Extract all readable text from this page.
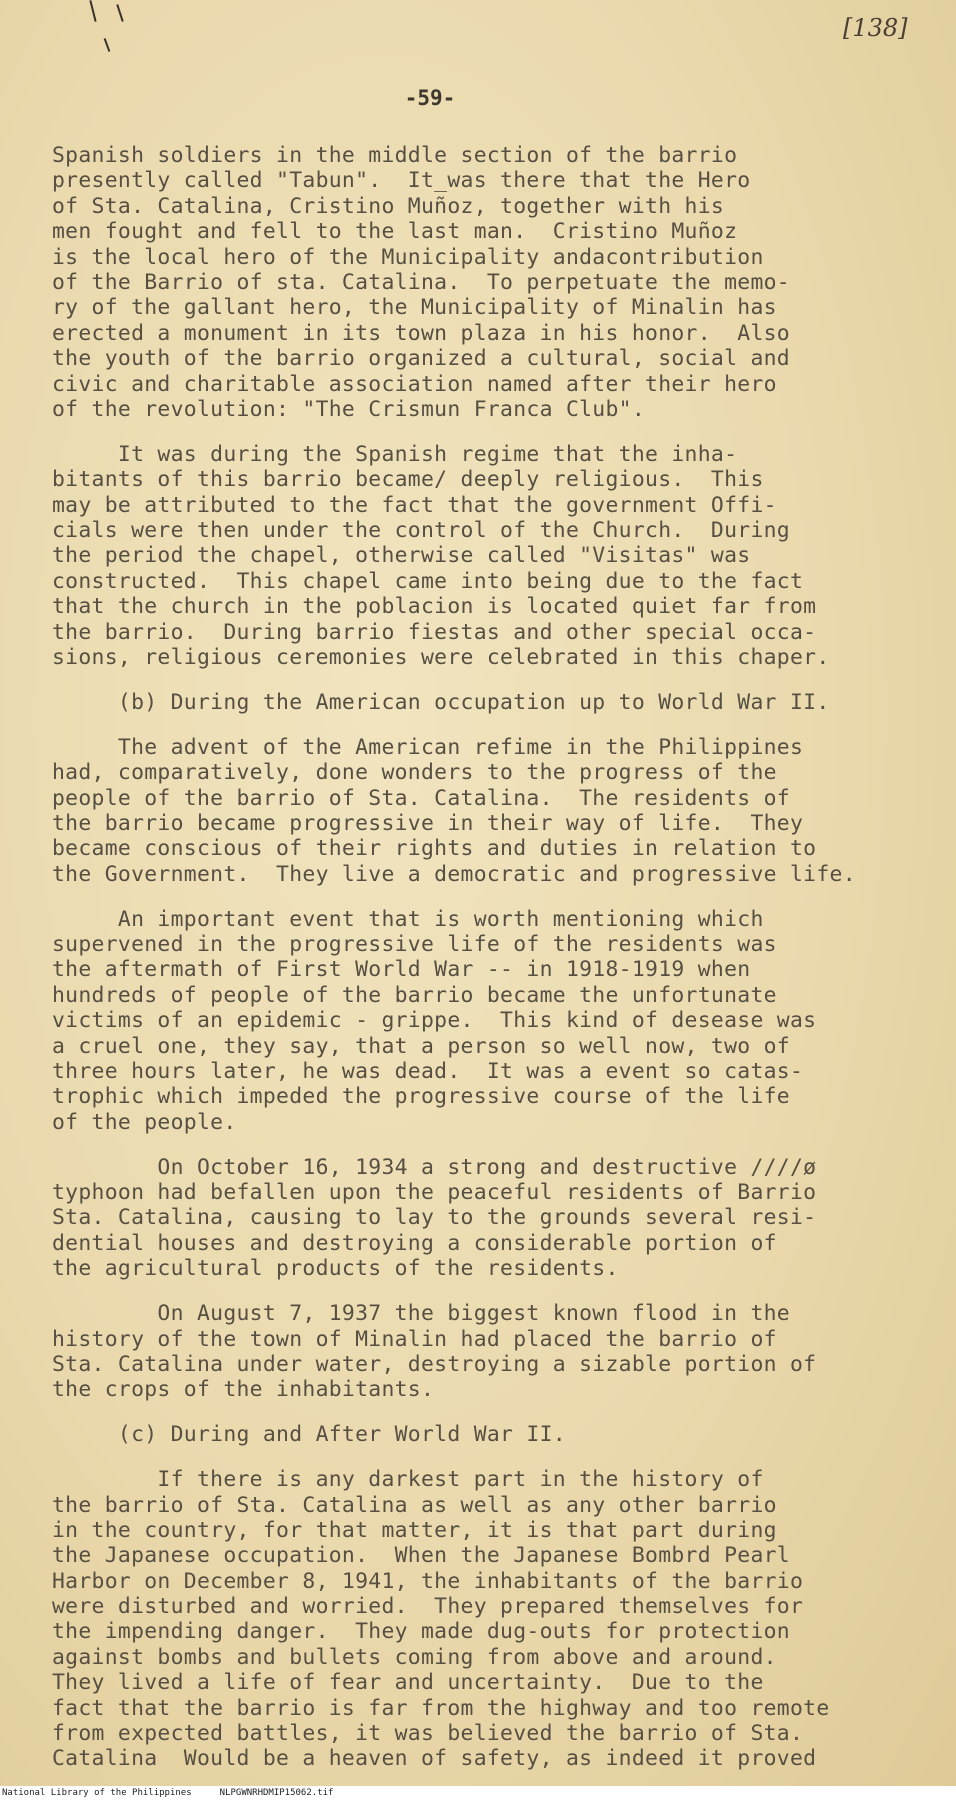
[138]
-59-
Spanish soldiers in the middle section of the barrio
presently called "Tabun".  It_was there that the Hero
of Sta. Catalina, Cristino Muñoz, together with his
men fought and fell to the last man.  Cristino Muñoz
is the local hero of the Municipality andacontribution
of the Barrio of sta. Catalina.  To perpetuate the memo-
ry of the gallant hero, the Municipality of Minalin has
erected a monument in its town plaza in his honor.  Also
the youth of the barrio organized a cultural, social and
civic and charitable association named after their hero
of the revolution: "The Crismun Franca Club".
It was during the Spanish regime that the inha-
bitants of this barrio became/ deeply religious.  This
may be attributed to the fact that the government Offi-
cials were then under the control of the Church.  During
the period the chapel, otherwise called "Visitas" was
constructed.  This chapel came into being due to the fact
that the church in the poblacion is located quiet far from
the barrio.  During barrio fiestas and other special occa-
sions, religious ceremonies were celebrated in this chaper.
(b) During the American occupation up to World War II.
The advent of the American refime in the Philippines
had, comparatively, done wonders to the progress of the
people of the barrio of Sta. Catalina.  The residents of
the barrio became progressive in their way of life.  They
became conscious of their rights and duties in relation to
the Government.  They live a democratic and progressive life.
An important event that is worth mentioning which
supervened in the progressive life of the residents was
the aftermath of First World War -- in 1918-1919 when
hundreds of people of the barrio became the unfortunate
victims of an epidemic - grippe.  This kind of desease was
a cruel one, they say, that a person so well now, two of
three hours later, he was dead.  It was a event so catas-
trophic which impeded the progressive course of the life
of the people.
On October 16, 1934 a strong and destructive ////ø
typhoon had befallen upon the peaceful residents of Barrio
Sta. Catalina, causing to lay to the grounds several resi-
dential houses and destroying a considerable portion of
the agricultural products of the residents.
On August 7, 1937 the biggest known flood in the
history of the town of Minalin had placed the barrio of
Sta. Catalina under water, destroying a sizable portion of
the crops of the inhabitants.
(c) During and After World War II.
If there is any darkest part in the history of
the barrio of Sta. Catalina as well as any other barrio
in the country, for that matter, it is that part during
the Japanese occupation.  When the Japanese Bombrd Pearl
Harbor on December 8, 1941, the inhabitants of the barrio
were disturbed and worried.  They prepared themselves for
the impending danger.  They made dug-outs for protection
against bombs and bullets coming from above and around.
They lived a life of fear and uncertainty.  Due to the
fact that the barrio is far from the highway and too remote
from expected battles, it was believed the barrio of Sta.
Catalina  Would be a heaven of safety, as indeed it proved
National Library of the Philippines	NLPGWNRHDMIP15062.tif
